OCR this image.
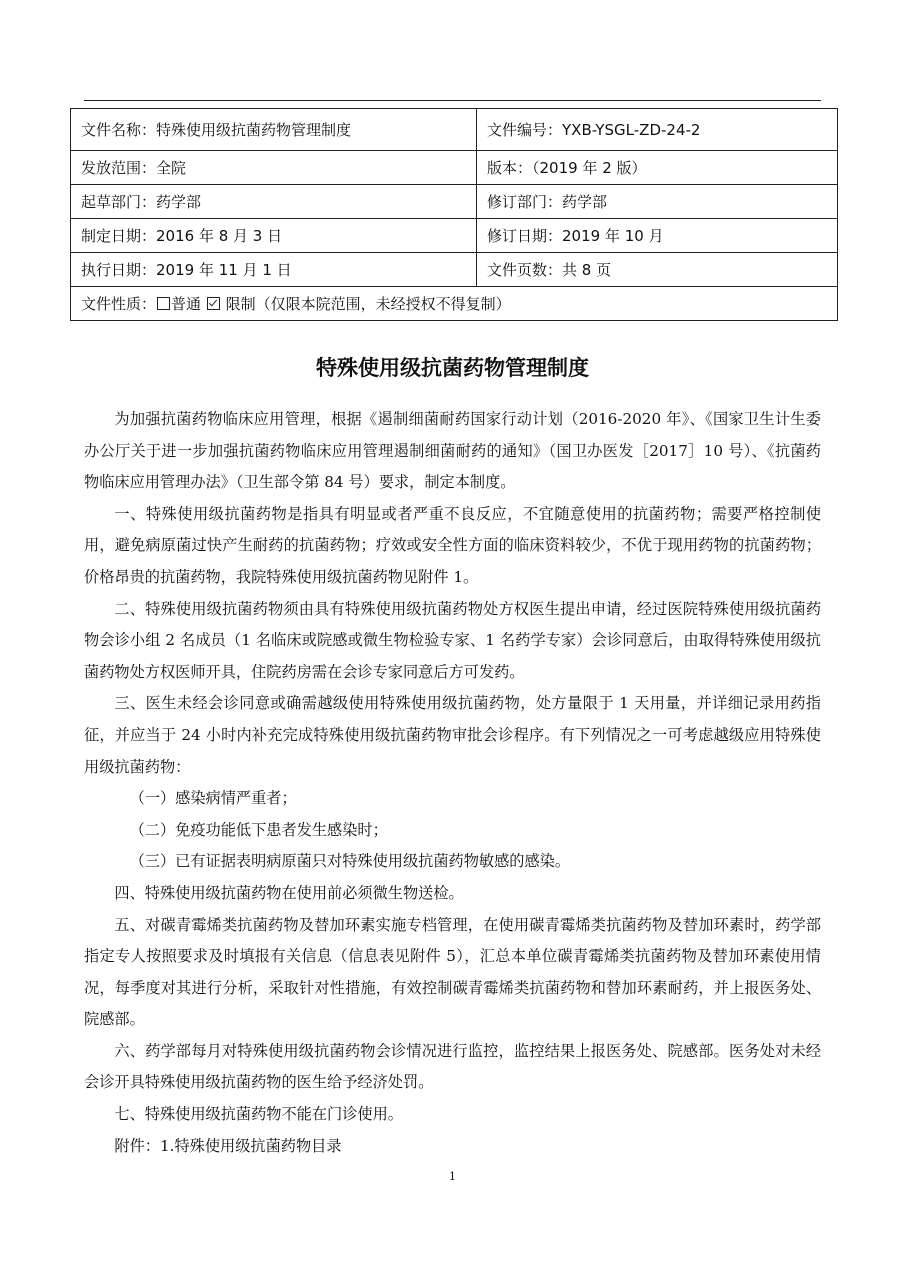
文件名称：特殊使用级抗菌药物管理制度	文件编号：YXB-YSGL-ZD-24-2
发放范围：全院	版本：（2019 年 2 版）
起草部门：药学部	修订部门：药学部
制定日期：2016 年 8 月 3 日	修订日期：2019 年 10 月
执行日期：2019 年 11 月 1 日	文件页数：共 8 页
文件性质： 普通 限制（仅限本院范围，未经授权不得复制）	
特殊使用级抗菌药物管理制度

为加强抗菌药物临床应用管理，根据《遏制细菌耐药国家行动计划（2016-2020 年》、《国家卫生计生委办公厅关于进一步加强抗菌药物临床应用管理遏制细菌耐药的通知》（国卫办医发［2017］10 号）、《抗菌药物临床应用管理办法》（卫生部令第 84 号）要求，制定本制度。

一、特殊使用级抗菌药物是指具有明显或者严重不良反应，不宜随意使用的抗菌药物；需要严格控制使用，避免病原菌过快产生耐药的抗菌药物；疗效或安全性方面的临床资料较少，不优于现用药物的抗菌药物；价格昂贵的抗菌药物，我院特殊使用级抗菌药物见附件 1。

二、特殊使用级抗菌药物须由具有特殊使用级抗菌药物处方权医生提出申请，经过医院特殊使用级抗菌药物会诊小组 2 名成员（1 名临床或院感或微生物检验专家、1 名药学专家）会诊同意后，由取得特殊使用级抗菌药物处方权医师开具，住院药房需在会诊专家同意后方可发药。

三、医生未经会诊同意或确需越级使用特殊使用级抗菌药物，处方量限于 1 天用量，并详细记录用药指征，并应当于 24 小时内补充完成特殊使用级抗菌药物审批会诊程序。有下列情况之一可考虑越级应用特殊使用级抗菌药物：

（一）感染病情严重者；

（二）免疫功能低下患者发生感染时；

（三）已有证据表明病原菌只对特殊使用级抗菌药物敏感的感染。

四、特殊使用级抗菌药物在使用前必须微生物送检。

五、对碳青霉烯类抗菌药物及替加环素实施专档管理，在使用碳青霉烯类抗菌药物及替加环素时，药学部指定专人按照要求及时填报有关信息（信息表见附件 5），汇总本单位碳青霉烯类抗菌药物及替加环素使用情况，每季度对其进行分析，采取针对性措施，有效控制碳青霉烯类抗菌药物和替加环素耐药，并上报医务处、院感部。

六、药学部每月对特殊使用级抗菌药物会诊情况进行监控，监控结果上报医务处、院感部。医务处对未经会诊开具特殊使用级抗菌药物的医生给予经济处罚。

七、特殊使用级抗菌药物不能在门诊使用。

附件：1.特殊使用级抗菌药物目录

1
